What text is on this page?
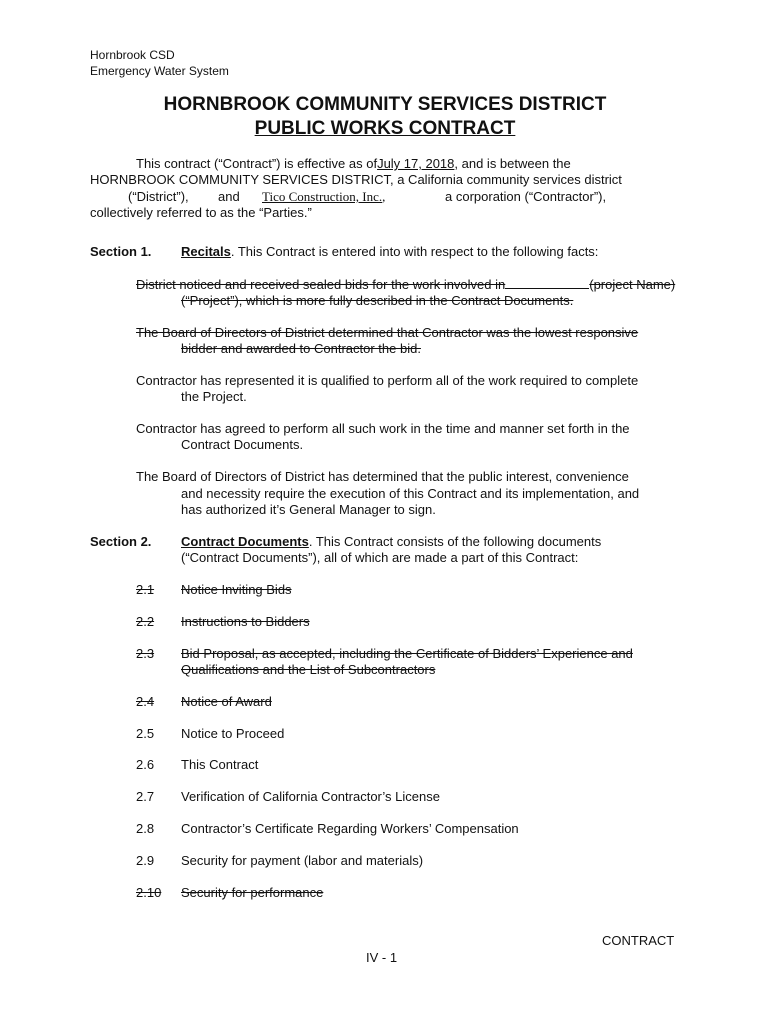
Hornbrook CSD
Emergency Water System
HORNBROOK COMMUNITY SERVICES DISTRICT
PUBLIC WORKS CONTRACT
This contract (“Contract”) is effective as ofJuly 17, 2018, and is between the
HORNBROOK COMMUNITY SERVICES DISTRICT, a California community services district
(“District”), and Tico Construction, Inc.,	a corporation (“Contractor”),
collectively referred to as the “Parties.”
Section 1. Recitals. This Contract is entered into with respect to the following facts:
District noticed and received sealed bids for the work involved in	(project Name)
(“Project”), which is more fully described in the Contract Documents.
The Board of Directors of District determined that Contractor was the lowest responsive
bidder and awarded to Contractor the bid.
Contractor has represented it is qualified to perform all of the work required to complete
the Project.
Contractor has agreed to perform all such work in the time and manner set forth in the
Contract Documents.
The Board of Directors of District has determined that the public interest, convenience
and necessity require the execution of this Contract and its implementation, and
has authorized it’s General Manager to sign.
Section 2. Contract Documents. This Contract consists of the following documents
(“Contract Documents”), all of which are made a part of this Contract:
2.1	Notice Inviting Bids
2.2	Instructions to Bidders
2.3	Bid Proposal, as accepted, including the Certificate of Bidders’ Experience and
Qualifications and the List of Subcontractors
2.4	Notice of Award
2.5 Notice to Proceed
2.6 This Contract
2.7 Verification of California Contractor’s License
2.8 Contractor’s Certificate Regarding Workers’ Compensation
2.9 Security for payment (labor and materials)
2.10	Security for performance
CONTRACT
IV - 1
